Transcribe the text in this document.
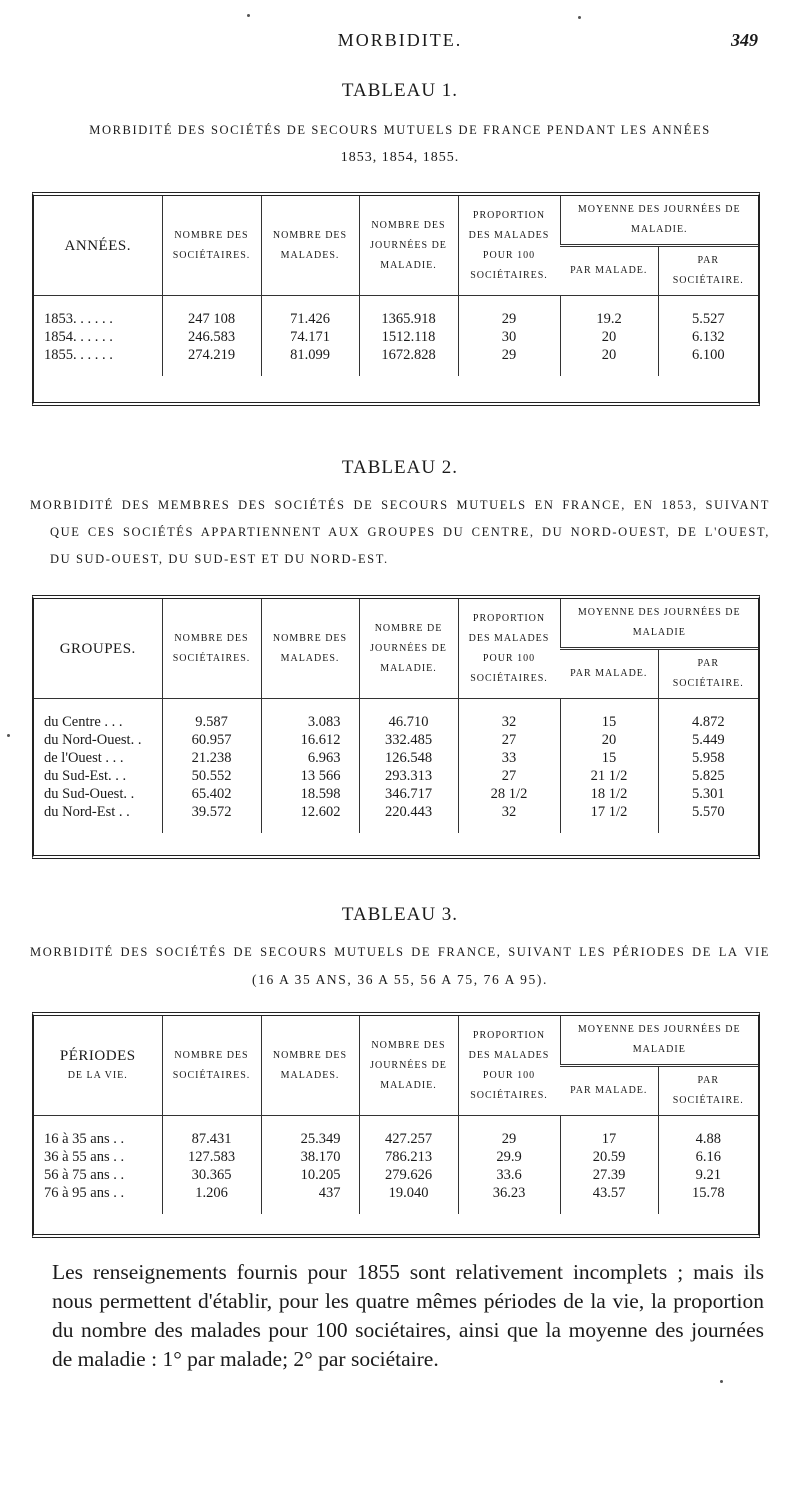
MORBIDITE.	349
TABLEAU 1.
MORBIDITÉ DES SOCIÉTÉS DE SECOURS MUTUELS DE FRANCE PENDANT LES ANNÉES
1853, 1854, 1855.
ANNÉES.	NOMBRE DES SOCIÉTAIRES.	NOMBRE DES MALADES.	NOMBRE DES JOURNÉES DE MALADIE.	PROPORTION DES MALADES POUR 100 SOCIÉTAIRES.	MOYENNE DES JOURNÉES DE MALADIE.	
					PAR MALADE.	PAR SOCIÉTAIRE.

1853. . . . . .	247 108	71.426	1365.918	29	19.2	5.527
1854. . . . . .	246.583	74.171	1512.118	30	20	6.132
1855. . . . . .	274.219	81.099	1672.828	29	20	6.100
TABLEAU 2.
MORBIDITÉ DES MEMBRES DES SOCIÉTÉS DE SECOURS MUTUELS EN FRANCE, EN 1853, SUIVANT
QUE CES SOCIÉTÉS APPARTIENNENT AUX GROUPES DU CENTRE, DU NORD-OUEST, DE L'OUEST,
DU SUD-OUEST, DU SUD-EST ET DU NORD-EST.
GROUPES.	NOMBRE DES SOCIÉTAIRES.	NOMBRE DES MALADES.	NOMBRE DE JOURNÉES DE MALADIE.	PROPORTION DES MALADES POUR 100 SOCIÉTAIRES.	MOYENNE DES JOURNÉES DE MALADIE	
					PAR MALADE.	PAR SOCIÉTAIRE.

du Centre . . .	9.587	3.083	46.710	32	15	4.872
du Nord-Ouest. .	60.957	16.612	332.485	27	20	5.449
de l'Ouest . . .	21.238	6.963	126.548	33	15	5.958
du Sud-Est. . .	50.552	13 566	293.313	27	21 1/2	5.825
du Sud-Ouest. .	65.402	18.598	346.717	28 1/2	18 1/2	5.301
du Nord-Est . .	39.572	12.602	220.443	32	17 1/2	5.570
TABLEAU 3.
MORBIDITÉ DES SOCIÉTÉS DE SECOURS MUTUELS DE FRANCE, SUIVANT LES PÉRIODES DE LA VIE
(16 A 35 ANS, 36 A 55, 56 A 75, 76 A 95).
PÉRIODES
DE LA VIE.	NOMBRE DES SOCIÉTAIRES.	NOMBRE DES MALADES.	NOMBRE DES JOURNÉES DE MALADIE.	PROPORTION DES MALADES POUR 100 SOCIÉTAIRES.	MOYENNE DES JOURNÉES DE MALADIE	
					PAR MALADE.	PAR SOCIÉTAIRE.

16 à 35 ans . .	87.431	25.349	427.257	29	17	4.88
36 à 55 ans . .	127.583	38.170	786.213	29.9	20.59	6.16
56 à 75 ans . .	30.365	10.205	279.626	33.6	27.39	9.21
76 à 95 ans . .	1.206	437	19.040	36.23	43.57	15.78
Les renseignements fournis pour 1855 sont relativement incomplets ; mais ils
nous permettent d'établir, pour les quatre mêmes périodes de la vie, la proportion
du nombre des malades pour 100 sociétaires, ainsi que la moyenne des journées
de maladie : 1° par malade; 2° par sociétaire.
